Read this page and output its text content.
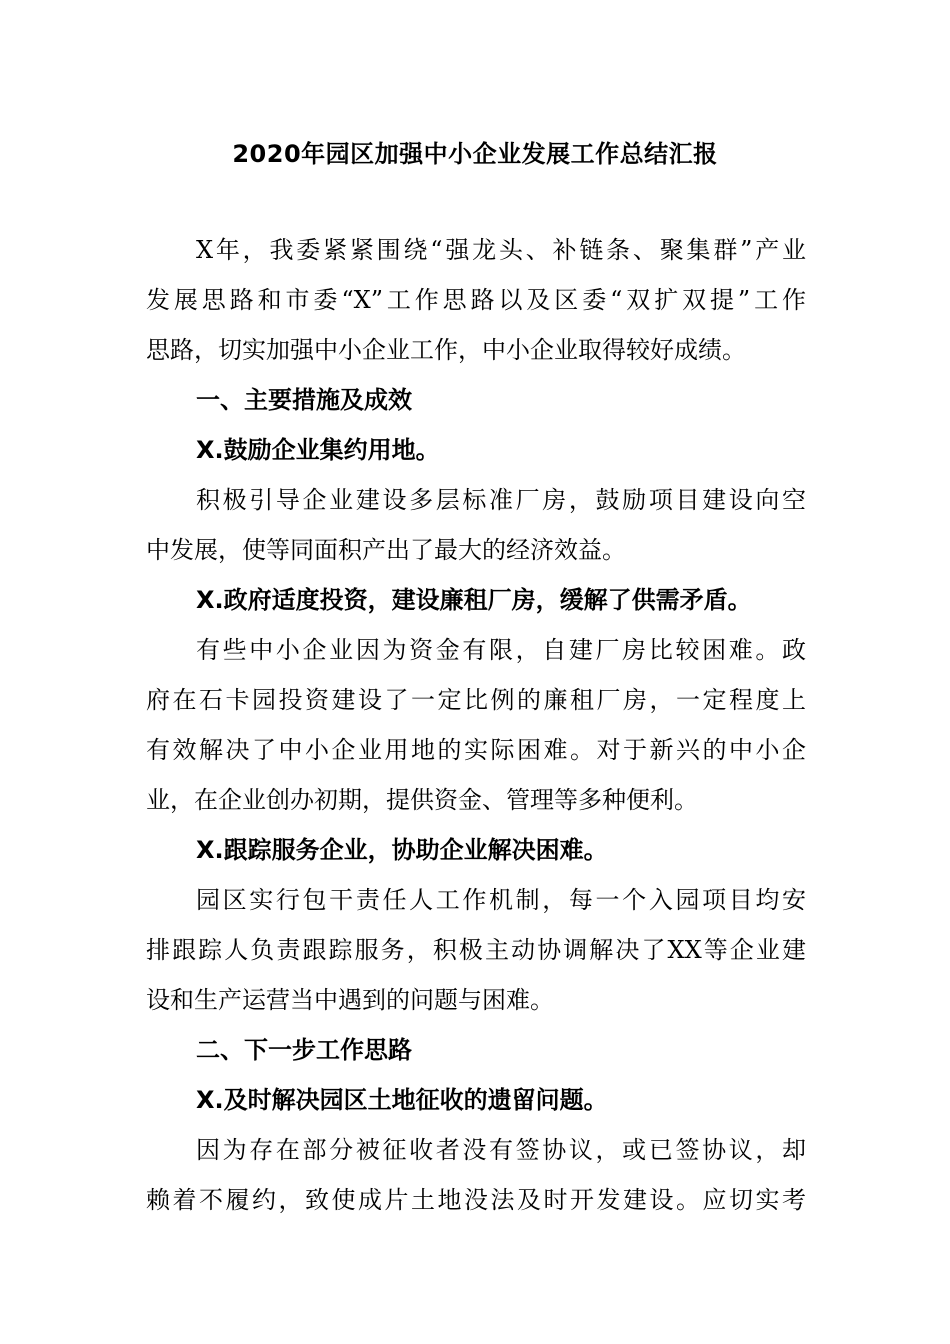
2020年园区加强中小企业发展工作总结汇报
X年，我委紧紧围绕“强龙头、补链条、聚集群”产业
发展思路和市委“X”工作思路以及区委“双扩双提”工作
思路，切实加强中小企业工作，中小企业取得较好成绩。
一、主要措施及成效
X.鼓励企业集约用地。
积极引导企业建设多层标准厂房，鼓励项目建设向空
中发展，使等同面积产出了最大的经济效益。
X.政府适度投资，建设廉租厂房，缓解了供需矛盾。
有些中小企业因为资金有限，自建厂房比较困难。政
府在石卡园投资建设了一定比例的廉租厂房，一定程度上
有效解决了中小企业用地的实际困难。对于新兴的中小企
业，在企业创办初期，提供资金、管理等多种便利。
X.跟踪服务企业，协助企业解决困难。
园区实行包干责任人工作机制，每一个入园项目均安
排跟踪人负责跟踪服务，积极主动协调解决了XX等企业建
设和生产运营当中遇到的问题与困难。
二、下一步工作思路
X.及时解决园区土地征收的遗留问题。
因为存在部分被征收者没有签协议，或已签协议，却
赖着不履约，致使成片土地没法及时开发建设。应切实考
